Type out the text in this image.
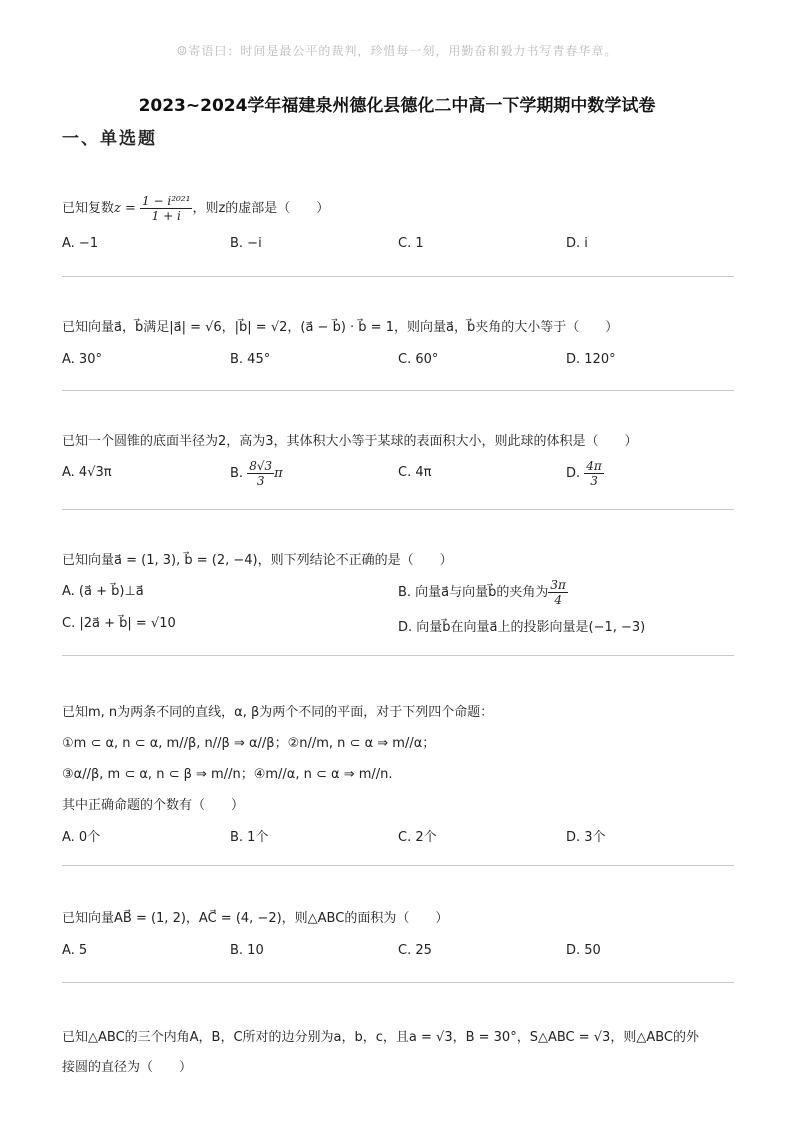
☺寄语曰：时间是最公平的裁判，珍惜每一刻，用勤奋和毅力书写青春华章。
2023~2024学年福建泉州德化县德化二中高一下学期期中数学试卷
一、单选题
已知复数$z = \frac{\text{1 − i²⁰²¹}}{1 + i}$ ，则z的虚部是（　　）
A. −1	B. −i	C. 1	D. i
已知向量a⃗，b⃗满足|a⃗| = √6，|b⃗| = √2，(a⃗ − b⃗) · b⃗ = 1，则向量a⃗，b⃗夹角的大小等于（　　）
A. 30°	B. 45°	C. 60°	D. 120°
已知一个圆锥的底面半径为2，高为3，其体积大小等于某球的表面积大小，则此球的体积是（　　）
A. 4√3π	B. $\frac{8√3}{3}$ π	C. 4π	D. $\frac{4\pi}{3}$
已知向量a⃗ = (1, 3), b⃗ = (2, −4)，则下列结论不正确的是（　　）
A. (a⃗ + b⃗)⊥a⃗	B. 向量a⃗与向量b⃗的夹角为 $\frac{3\pi}{4}$
C. |2a⃗ + b⃗| = √10	D. 向量b⃗在向量a⃗上的投影向量是(−1, −3)
已知m, n为两条不同的直线，α, β为两个不同的平面，对于下列四个命题：
①m ⊂ α, n ⊂ α, m//β, n//β ⇒ α//β；②n//m, n ⊂ α ⇒ m//α；
③α//β, m ⊂ α, n ⊂ β ⇒ m//n；④m//α, n ⊂ α ⇒ m//n.
其中正确命题的个数有（　　）
A. 0个	B. 1个	C. 2个	D. 3个
已知向量AB⃗ = (1, 2)，AC⃗ = (4, −2)，则△ABC的面积为（　　）
A. 5	B. 10	C. 25	D. 50
已知△ABC的三个内角A，B，C所对的边分别为a，b，c，且a = √3，B = 30°，S△ABC = √3，则△ABC的外
接圆的直径为（　　）
